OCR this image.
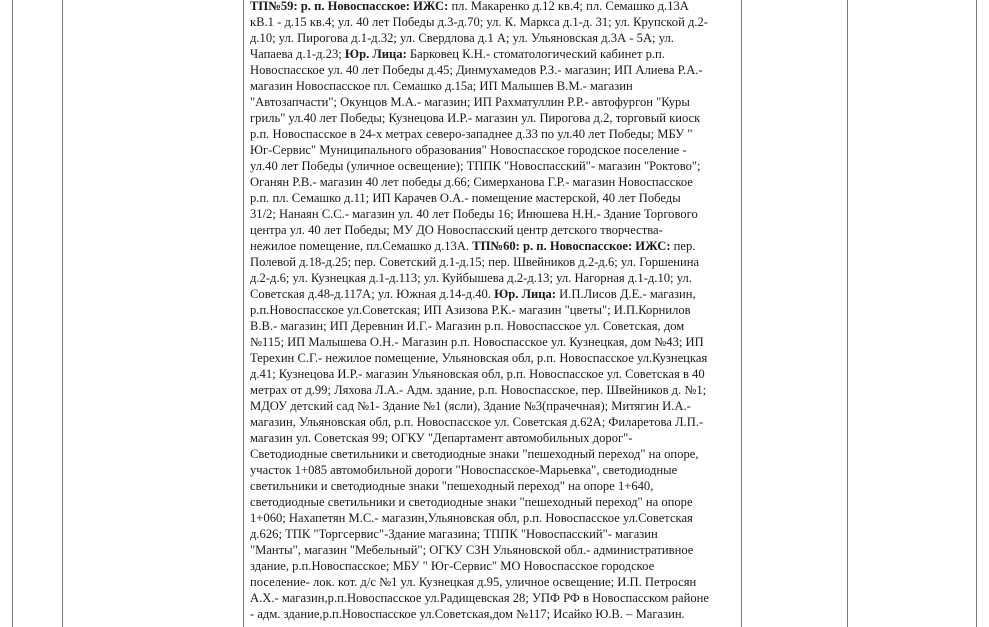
ТП№59: р. п. Новоспасское: ИЖС: пл. Макаренко д.12 кв.4; пл. Семашко д.13А
кВ.1 - д.15 кв.4; ул. 40 лет Победы д.3-д.70; ул. К. Маркса д.1-д. 31; ул. Крупской д.2-
д.10; ул. Пирогова д.1-д.32; ул. Свердлова д.1 А; ул. Ульяновская д.3А - 5А; ул.
Чапаева д.1-д.23; Юр. Лица: Барковец К.Н.- стоматологический кабинет р.п.
Новоспасское ул. 40 лет Победы д.45; Динмухамедов Р.З.- магазин; ИП Алиева Р.А.-
магазин Новоспасское пл. Семашко д.15а; ИП Малышев В.М.- магазин
"Автозапчасти"; Окунцов М.А.- магазин; ИП Рахматуллин Р.Р.- автофургон "Куры
гриль" ул.40 лет Победы; Кузнецова И.Р.- магазин ул. Пирогова д.2, торговый киоск
р.п. Новоспасское в 24-х метрах северо-западнее д.33 по ул.40 лет Победы; МБУ "
Юг-Сервис" Муниципального образования" Новоспасское городское поселение -
ул.40 лет Победы (уличное освещение); ТППК "Новоспасский"- магазин "Роктово";
Оганян Р.В.- магазин 40 лет победы д.66; Симерханова Г.Р.- магазин Новоспасское
р.п. пл. Семашко д.11; ИП Карачев О.А.- помещение мастерской, 40 лет Победы
31/2; Нанаян С.С.- магазин ул. 40 лет Победы 16; Инюшева Н.Н.- Здание Торгового
центра ул. 40 лет Победы; МУ ДО Новоспасский центр детского творчества-
нежилое помещение, пл.Семашко д.13А. ТП№60: р. п. Новоспасское: ИЖС: пер.
Полевой д.18-д.25; пер. Советский д.1-д.15; пер. Швейников д.2-д.6; ул. Горшенина
д.2-д.6; ул. Кузнецкая д.1-д.113; ул. Куйбышева д.2-д.13; ул. Нагорная д.1-д.10; ул.
Советская д.48-д.117А; ул. Южная д.14-д.40. Юр. Лица: И.П.Лисов Д.Е.- магазин,
р.п.Новоспасское ул.Советская; ИП Азизова Р.К.- магазин "цветы"; И.П.Корнилов
В.В.- магазин; ИП Деревнин И.Г.- Магазин р.п. Новоспасское ул. Советская, дом
№115; ИП Малышева О.Н.- Магазин р.п. Новоспасское ул. Кузнецкая, дом №43; ИП
Терехин С.Г.- нежилое помещение, Ульяновская обл, р.п. Новоспасское ул.Кузнецкая
д.41; Кузнецова И.Р.- магазин Ульяновская обл, р.п. Новоспасское ул. Советская в 40
метрах от д.99; Ляхова Л.А.- Адм. здание, р.п. Новоспасское, пер. Швейников д. №1;
МДОУ детский сад №1- Здание №1 (ясли), Здание №3(прачечная); Митягин И.А.-
магазин, Ульяновская обл, р.п. Новоспасское ул. Советская д.62А; Филаретова Л.П.-
магазин ул. Советская 99; ОГКУ "Департамент автомобильных дорог"-
Светодиодные светильники и светодиодные знаки "пешеходный переход" на опоре,
участок 1+085 автомобильной дороги "Новоспасское-Марьевка", светодиодные
светильники и светодиодные знаки "пешеходный переход" на опоре 1+640,
светодиодные светильники и светодиодные знаки "пешеходный переход" на опоре
1+060; Нахапетян М.С.- магазин,Ульяновская обл, р.п. Новоспасское ул.Советская
д.626; ТПК "Торгсервис"-Здание магазина; ТППК "Новоспасский"- магазин
"Манты", магазин "Мебельный"; ОГКУ СЗН Ульяновской обл.- административное
здание, р.п.Новоспасское; МБУ " Юг-Сервис" МО Новоспасское городское
поселение- лок. кот. д/с №1 ул. Кузнецкая д.95, уличное освещение; И.П. Петросян
А.Х.- магазин,р.п.Новоспасское ул.Радищевская 28; УПФ РФ в Новоспасском районе
- адм. здание,р.п.Новоспасское ул.Советская,дом №117; Исайко Ю.В. – Магазин.
